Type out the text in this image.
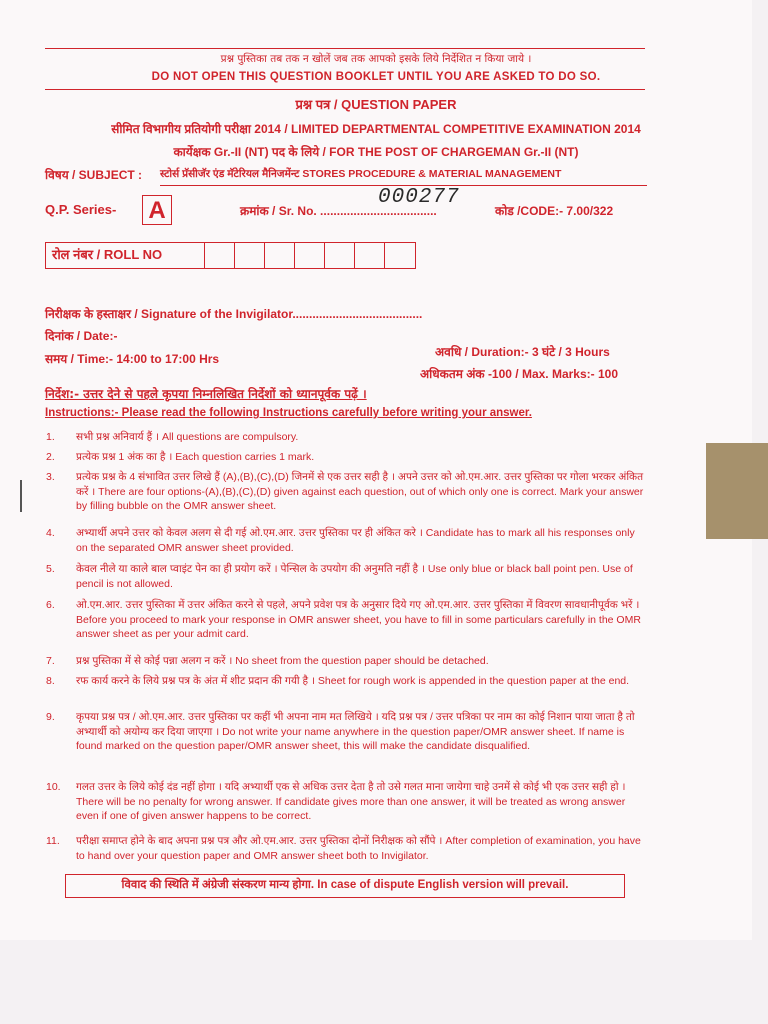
प्रश्न पुस्तिका तब तक न खोलें जब तक आपको इसके लिये निर्देशित न किया जाये ।
DO NOT OPEN THIS QUESTION BOOKLET UNTIL YOU ARE ASKED TO DO SO.
प्रश्न पत्र / QUESTION PAPER
सीमित विभागीय प्रतियोगी परीक्षा 2014 / LIMITED DEPARTMENTAL COMPETITIVE EXAMINATION 2014
कार्येक्षक Gr.-II (NT) पद के लिये / FOR THE POST OF CHARGEMAN Gr.-II (NT)
विषय / SUBJECT : स्टोर्स प्रॅसीजॅर एंड मॅटेरियल मैनिजमेंन्ट STORES PROCEDURE & MATERIAL MANAGEMENT
Q.P. Series- A	क्रमांक / Sr. No. ...................................
000277
कोड /CODE:- 7.00/322
रोल नंबर / ROLL NO
निरीक्षक के हस्ताक्षर / Signature of the Invigilator.......................................
दिनांक / Date:-
समय / Time:- 14:00 to 17:00 Hrs	अवधि / Duration:- 3 घंटे / 3 Hours
अधिकतम अंक -100 / Max. Marks:- 100
निर्देश:- उत्तर देने से पहले कृपया निम्नलिखित निर्देशों को ध्यानपूर्वक पढ़ें ।
Instructions:- Please read the following Instructions carefully before writing your answer.
1.	सभी प्रश्न अनिवार्य हैं । All questions are compulsory.
2.	प्रत्येक प्रश्न 1 अंक का है । Each question carries 1 mark.
3.	प्रत्येक प्रश्न के 4 संभावित उत्तर लिखे हैं (A),(B),(C),(D) जिनमें से एक उत्तर सही है । अपने उत्तर को ओ.एम.आर. उत्तर पुस्तिका पर गोला भरकर अंकित करें । There are four options-(A),(B),(C),(D) given against each question, out of which only one is correct. Mark your answer by filling bubble on the OMR answer sheet.
4.	अभ्यार्थी अपने उत्तर को केवल अलग से दी गई ओ.एम.आर. उत्तर पुस्तिका पर ही अंकित करे । Candidate has to mark all his responses only on the separated OMR answer sheet provided.
5.	केवल नीले या काले बाल प्वाइंट पेन का ही प्रयोग करें । पेन्सिल के उपयोग की अनुमति नहीं है । Use only blue or black ball point pen. Use of pencil is not allowed.
6.	ओ.एम.आर. उत्तर पुस्तिका में उत्तर अंकित करने से पहले, अपने प्रवेश पत्र के अनुसार दिये गए ओ.एम.आर. उत्तर पुस्तिका में विवरण सावधानीपूर्वक भरें । Before you proceed to mark your response in OMR answer sheet, you have to fill in some particulars carefully in the OMR answer sheet as per your admit card.
7.	प्रश्न पुस्तिका में से कोई पन्ना अलग न करें । No sheet from the question paper should be detached.
8.	रफ कार्य करने के लिये प्रश्न पत्र के अंत में शीट प्रदान की गयी है । Sheet for rough work is appended in the question paper at the end.
9.	कृपया प्रश्न पत्र / ओ.एम.आर. उत्तर पुस्तिका पर कहीं भी अपना नाम मत लिखिये । यदि प्रश्न पत्र / उत्तर पत्रिका पर नाम का कोई निशान पाया जाता है तो अभ्यार्थी को अयोग्य कर दिया जाएगा । Do not write your name anywhere in the question paper/OMR answer sheet. If name is found marked on the question paper/OMR answer sheet, this will make the candidate disqualified.
10.	गलत उत्तर के लिये कोई दंड नहीं होगा । यदि अभ्यार्थी एक से अधिक उत्तर देता है तो उसे गलत माना जायेगा चाहे उनमें से कोई भी एक उत्तर सही हो । There will be no penalty for wrong answer. If candidate gives more than one answer, it will be treated as wrong answer even if one of given answer happens to be correct.
11.	परीक्षा समाप्त होने के बाद अपना प्रश्न पत्र और ओ.एम.आर. उत्तर पुस्तिका दोनों निरीक्षक को सौंपे । After completion of examination, you have to hand over your question paper and OMR answer sheet both to Invigilator.
विवाद की स्थिति में अंग्रेजी संस्करण मान्य होगा. In case of dispute English version will prevail.
